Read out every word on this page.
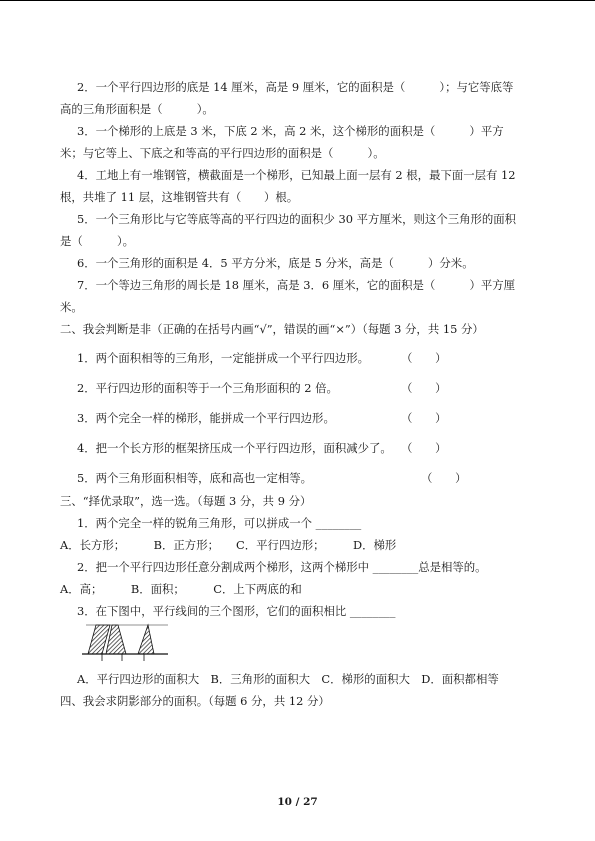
2．一个平行四边形的底是 14 厘米，高是 9 厘米，它的面积是（　　　）；与它等底等
高的三角形面积是（　　　）。
3．一个梯形的上底是 3 米，下底 2 米，高 2 米，这个梯形的面积是（　　　）平方
米；与它等上、下底之和等高的平行四边形的面积是（　　　）。
4．工地上有一堆钢管，横截面是一个梯形，已知最上面一层有 2 根，最下面一层有 12
根，共堆了 11 层，这堆钢管共有（　　）根。
5．一个三角形比与它等底等高的平行四边的面积少 30 平方厘米，则这个三角形的面积
是（　　　）。
6．一个三角形的面积是 4．5 平方分米，底是 5 分米，高是（　　　）分米。
7．一个等边三角形的周长是 18 厘米，高是 3．6 厘米，它的面积是（　　　）平方厘
米。
二、我会判断是非（正确的在括号内画“√”，错误的画“×”）（每题 3 分，共 15 分）
1．两个面积相等的三角形，一定能拼成一个平行四边形。	（　　）
2．平行四边形的面积等于一个三角形面积的 2 倍。	（　　）
3．两个完全一样的梯形，能拼成一个平行四边形。	（　　）
4．把一个长方形的框架挤压成一个平行四边形，面积减少了。 （　　）
5．两个三角形面积相等，底和高也一定相等。	（　　）
三、“择优录取”，选一选。（每题 3 分，共 9 分）
1．两个完全一样的锐角三角形，可以拼成一个 ________
A．长方形；　　　B．正方形；　　C．平行四边形；　　　D．梯形
2．把一个平行四边形任意分割成两个梯形，这两个梯形中 ________总是相等的。
A．高；　　　B．面积；　　　C．上下两底的和
3．在下图中，平行线间的三个图形，它们的面积相比 ________
A．平行四边形的面积大　B．三角形的面积大　C．梯形的面积大　D．面积都相等
四、我会求阴影部分的面积。（每题 6 分，共 12 分）
10 / 27
